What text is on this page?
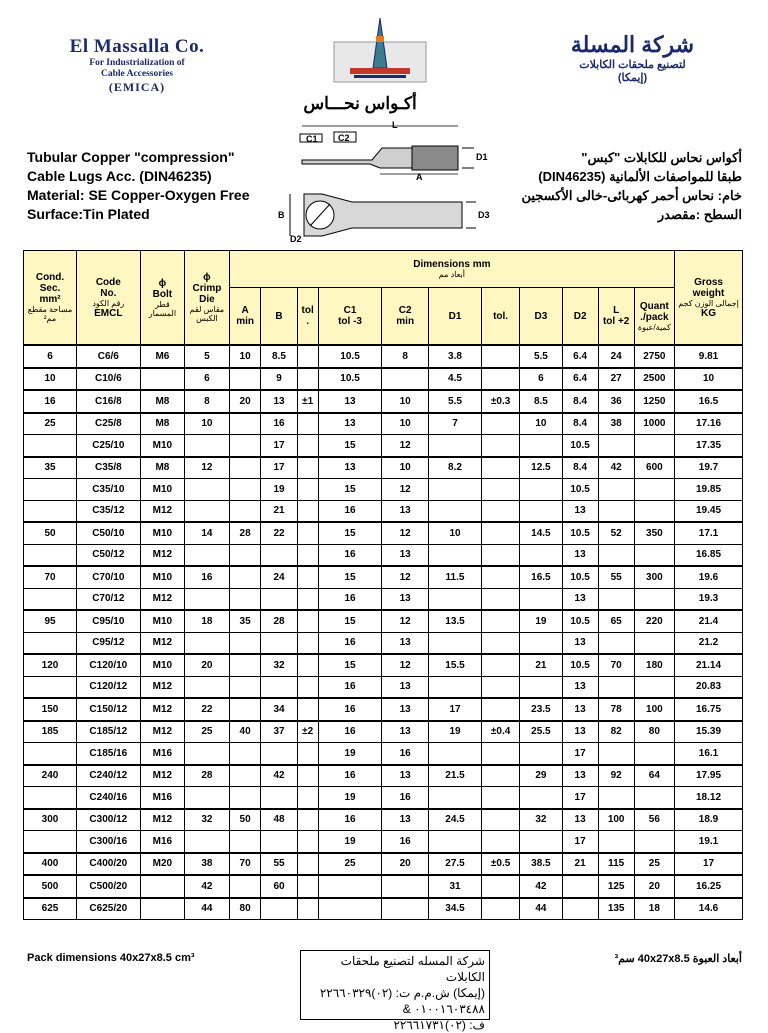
El Massalla Co.
For Industrialization of
Cable Accessories
(EMICA)
شركة المسلة
لتصنيع ملحقات الكابلات
(إيمكا)
أكـواس نحـــاس
Tubular Copper "compression"
Cable Lugs Acc. (DIN46235)
Material: SE Copper-Oxygen Free
Surface:Tin Plated
أكواس نحاس للكابلات "كبس"
طبقا للمواصفات الألمانية (DIN46235)
خام: نحاس أحمر كهربائى-خالى الأكسجين
السطح :مقصدر
L
C1 C2
D1
A
B	D3
D2
Cond.
Sec.
mm²
مساحة مقطع مم²	Code
No.
رقم الكود
EMCL	ϕ
Bolt
قطر المسمار	ϕ
Crimp
Die
مقاس لقم الكبس	Dimensions mm
أبعاد مم											Gross
weight
إجمالى الوزن كجم
KG
				A
min	B	tol
.	C1
tol -3	C2
min	D1	tol.	D3	D2	L
tol +2	Quant
./pack
كمية/عبوة	

6	C6/6	M6	5	10	8.5		10.5	8	3.8		5.5	6.4	24	2750	9.81
10	C10/6		6		9		10.5		4.5		6	6.4	27	2500	10
16	C16/8	M8	8	20	13	±1	13	10	5.5	±0.3	8.5	8.4	36	1250	16.5
25	C25/8	M8	10		16		13	10	7		10	8.4	38	1000	17.16
	C25/10	M10			17		15	12				10.5			17.35
35	C35/8	M8	12		17		13	10	8.2		12.5	8.4	42	600	19.7
	C35/10	M10			19		15	12				10.5			19.85
	C35/12	M12			21		16	13				13			19.45
50	C50/10	M10	14	28	22		15	12	10		14.5	10.5	52	350	17.1
	C50/12	M12					16	13				13			16.85
70	C70/10	M10	16		24		15	12	11.5		16.5	10.5	55	300	19.6
	C70/12	M12					16	13				13			19.3
95	C95/10	M10	18	35	28		15	12	13.5		19	10.5	65	220	21.4
	C95/12	M12					16	13				13			21.2
120	C120/10	M10	20		32		15	12	15.5		21	10.5	70	180	21.14
	C120/12	M12					16	13				13			20.83
150	C150/12	M12	22		34		16	13	17		23.5	13	78	100	16.75
185	C185/12	M12	25	40	37	±2	16	13	19	±0.4	25.5	13	82	80	15.39
	C185/16	M16					19	16				17			16.1
240	C240/12	M12	28		42		16	13	21.5		29	13	92	64	17.95
	C240/16	M16					19	16				17			18.12
300	C300/12	M12	32	50	48		16	13	24.5		32	13	100	56	18.9
	C300/16	M16					19	16				17			19.1
400	C400/20	M20	38	70	55		25	20	27.5	±0.5	38.5	21	115	25	17
500	C500/20		42		60				31		42		125	20	16.25
625	C625/20		44	80					34.5		44		135	18	14.6
Pack dimensions 40x27x8.5 cm³	شركة المسله لتصنيع ملحقات الكابلات
(إيمكا) ش.م.م ت: (٠٢)٢٢٦٦٠٣٢٩
٠١٠٠١٦٠٣٤٨٨ &
ف: (٠٢)٢٢٦٦١٧٣١
أبعاد العبوة 40x27x8.5 سم³
